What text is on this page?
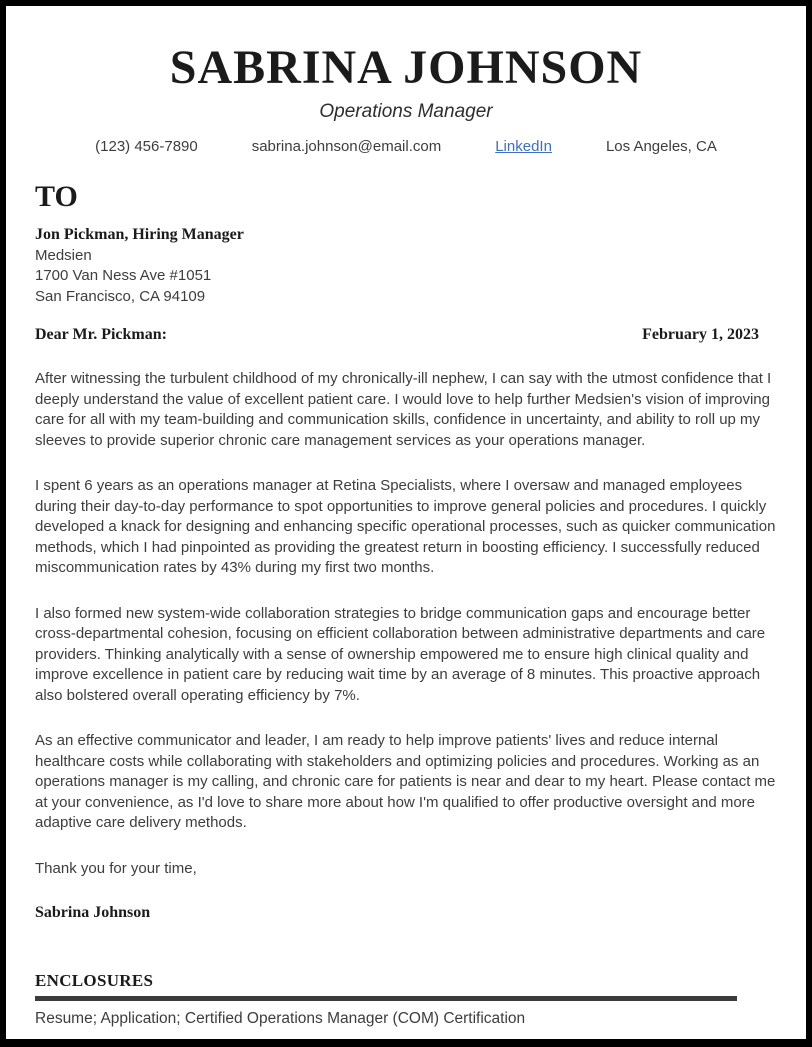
SABRINA JOHNSON
Operations Manager
(123) 456-7890	sabrina.johnson@email.com	LinkedIn	Los Angeles, CA
TO
Jon Pickman, Hiring Manager
Medsien
1700 Van Ness Ave #1051
San Francisco, CA 94109
Dear Mr. Pickman:	February 1, 2023

After witnessing the turbulent childhood of my chronically-ill nephew, I can say with the utmost confidence that I deeply understand the value of excellent patient care. I would love to help further Medsien's vision of improving care for all with my team-building and communication skills, confidence in uncertainty, and ability to roll up my sleeves to provide superior chronic care management services as your operations manager.

I spent 6 years as an operations manager at Retina Specialists, where I oversaw and managed employees during their day-to-day performance to spot opportunities to improve general policies and procedures. I quickly developed a knack for designing and enhancing specific operational processes, such as quicker communication methods, which I had pinpointed as providing the greatest return in boosting efficiency. I successfully reduced miscommunication rates by 43% during my first two months.

I also formed new system-wide collaboration strategies to bridge communication gaps and encourage better cross-departmental cohesion, focusing on efficient collaboration between administrative departments and care providers. Thinking analytically with a sense of ownership empowered me to ensure high clinical quality and improve excellence in patient care by reducing wait time by an average of 8 minutes. This proactive approach also bolstered overall operating efficiency by 7%.

As an effective communicator and leader, I am ready to help improve patients' lives and reduce internal healthcare costs while collaborating with stakeholders and optimizing policies and procedures. Working as an operations manager is my calling, and chronic care for patients is near and dear to my heart. Please contact me at your convenience, as I'd love to share more about how I'm qualified to offer productive oversight and more adaptive care delivery methods.

Thank you for your time,
Sabrina Johnson
ENCLOSURES
Resume; Application; Certified Operations Manager (COM) Certification
